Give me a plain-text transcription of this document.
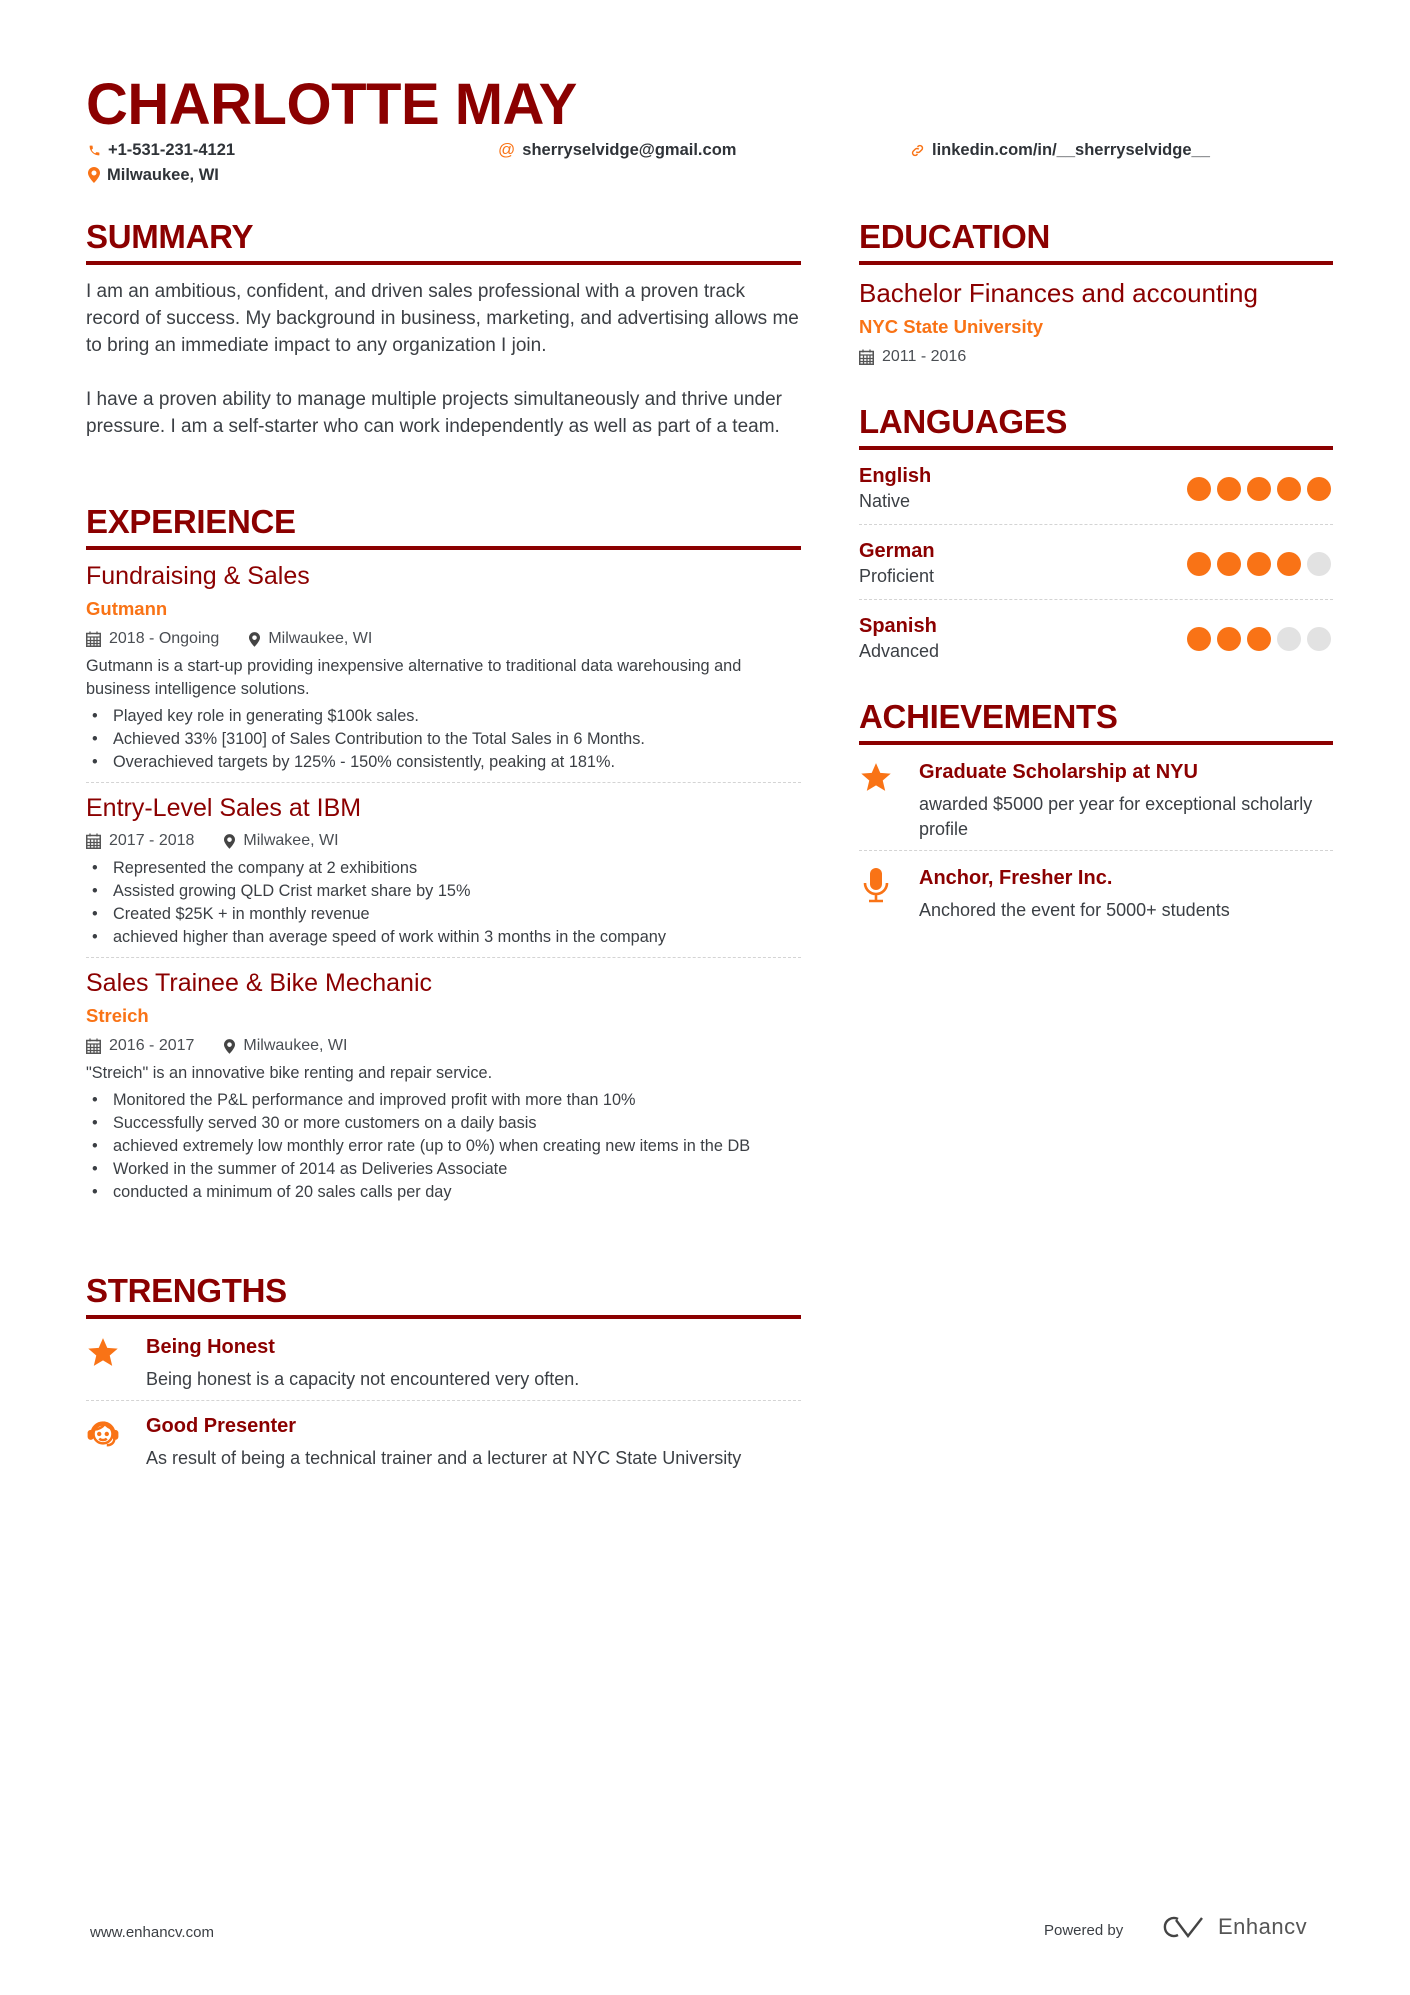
CHARLOTTE MAY
+1-531-231-4121	@ sherryselvidge@gmail.com	linkedin.com/in/__sherryselvidge__
Milwaukee, WI
SUMMARY

I am an ambitious, confident, and driven sales professional with a proven track record of success. My background in business, marketing, and advertising allows me to bring an immediate impact to any organization I join.

I have a proven ability to manage multiple projects simultaneously and thrive under pressure. I am a self-starter who can work independently as well as part of a team.

EXPERIENCE
Fundraising & Sales
Gutmann
2018 - Ongoing	Milwaukee, WI
Gutmann is a start-up providing inexpensive alternative to traditional data warehousing and business intelligence solutions.
• Played key role in generating $100k sales.
• Achieved 33% [3100] of Sales Contribution to the Total Sales in 6 Months.
• Overachieved targets by 125% - 150% consistently, peaking at 181%.
Entry-Level Sales at IBM
2017 - 2018	Milwakee, WI
• Represented the company at 2 exhibitions
• Assisted growing QLD Crist market share by 15%
• Created $25K + in monthly revenue
• achieved higher than average speed of work within 3 months in the company
Sales Trainee & Bike Mechanic
Streich
2016 - 2017	Milwaukee, WI
"Streich" is an innovative bike renting and repair service.
• Monitored the P&L performance and improved profit with more than 10%
• Successfully served 30 or more customers on a daily basis
• achieved extremely low monthly error rate (up to 0%) when creating new items in the DB
• Worked in the summer of 2014 as Deliveries Associate
• conducted a minimum of 20 sales calls per day
STRENGTHS
Being Honest
Being honest is a capacity not encountered very often.
Good Presenter
As result of being a technical trainer and a lecturer at NYC State University
EDUCATION
Bachelor Finances and accounting
NYC State University
2011 - 2016
LANGUAGES
English
Native
German
Proficient
Spanish
Advanced
ACHIEVEMENTS
Graduate Scholarship at NYU
awarded $5000 per year for exceptional scholarly profile
Anchor, Fresher Inc.
Anchored the event for 5000+ students
www.enhancv.com	Powered by	Enhancv
